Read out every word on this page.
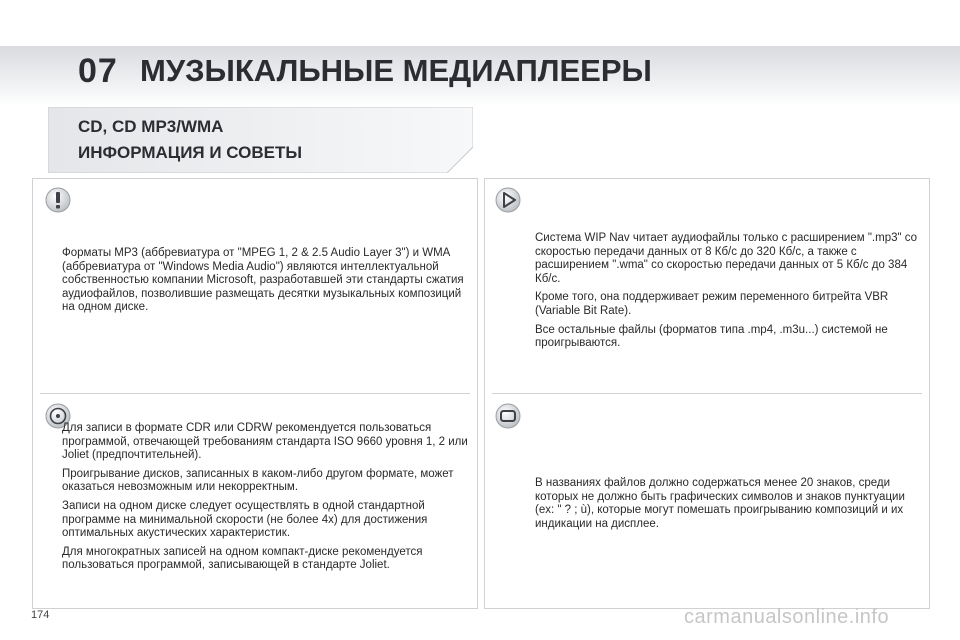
07 МУЗЫКАЛЬНЫЕ МЕДИАПЛЕЕРЫ
CD, CD MP3/WMA
ИНФОРМАЦИЯ И СОВЕТЫ

Форматы MP3 (аббревиатура от "MPEG 1, 2 & 2.5 Audio Layer 3") и WMA (аббревиатура от "Windows Media Audio") являются интеллектуальной собственностью компании Microsoft, разработавшей эти стандарты сжатия аудиофайлов, позволившие размещать десятки музыкальных композиций на одном диске.

Для записи в формате CDR или CDRW рекомендуется пользоваться программой, отвечающей требованиям стандарта ISO 9660 уровня 1, 2 или Joliet (предпочтительней).

Проигрывание дисков, записанных в каком-либо другом формате, может оказаться невозможным или некорректным.

Записи на одном диске следует осуществлять в одной стандартной программе на минимальной скорости (не более 4х) для достижения оптимальных акустических характеристик.

Для многократных записей на одном компакт-диске рекомендуется пользоваться программой, записывающей в стандарте Joliet.

Система WIP Nav читает аудиофайлы только с расширением ".mp3" со скоростью передачи данных от 8 Кб/с до 320 Кб/с, а также с расширением ".wma" со скоростью передачи данных от 5 Кб/с до 384 Кб/с.

Кроме того, она поддерживает режим переменного битрейта VBR (Variable Bit Rate).

Все остальные файлы (форматов типа .mp4, .m3u...) системой не проигрываются.

В названиях файлов должно содержаться менее 20 знаков, среди которых не должно быть графических символов и знаков пунктуации (ex: " ? ; ù), которые могут помешать проигрыванию композиций и их индикации на дисплее.

174	carmanualsonline.info
